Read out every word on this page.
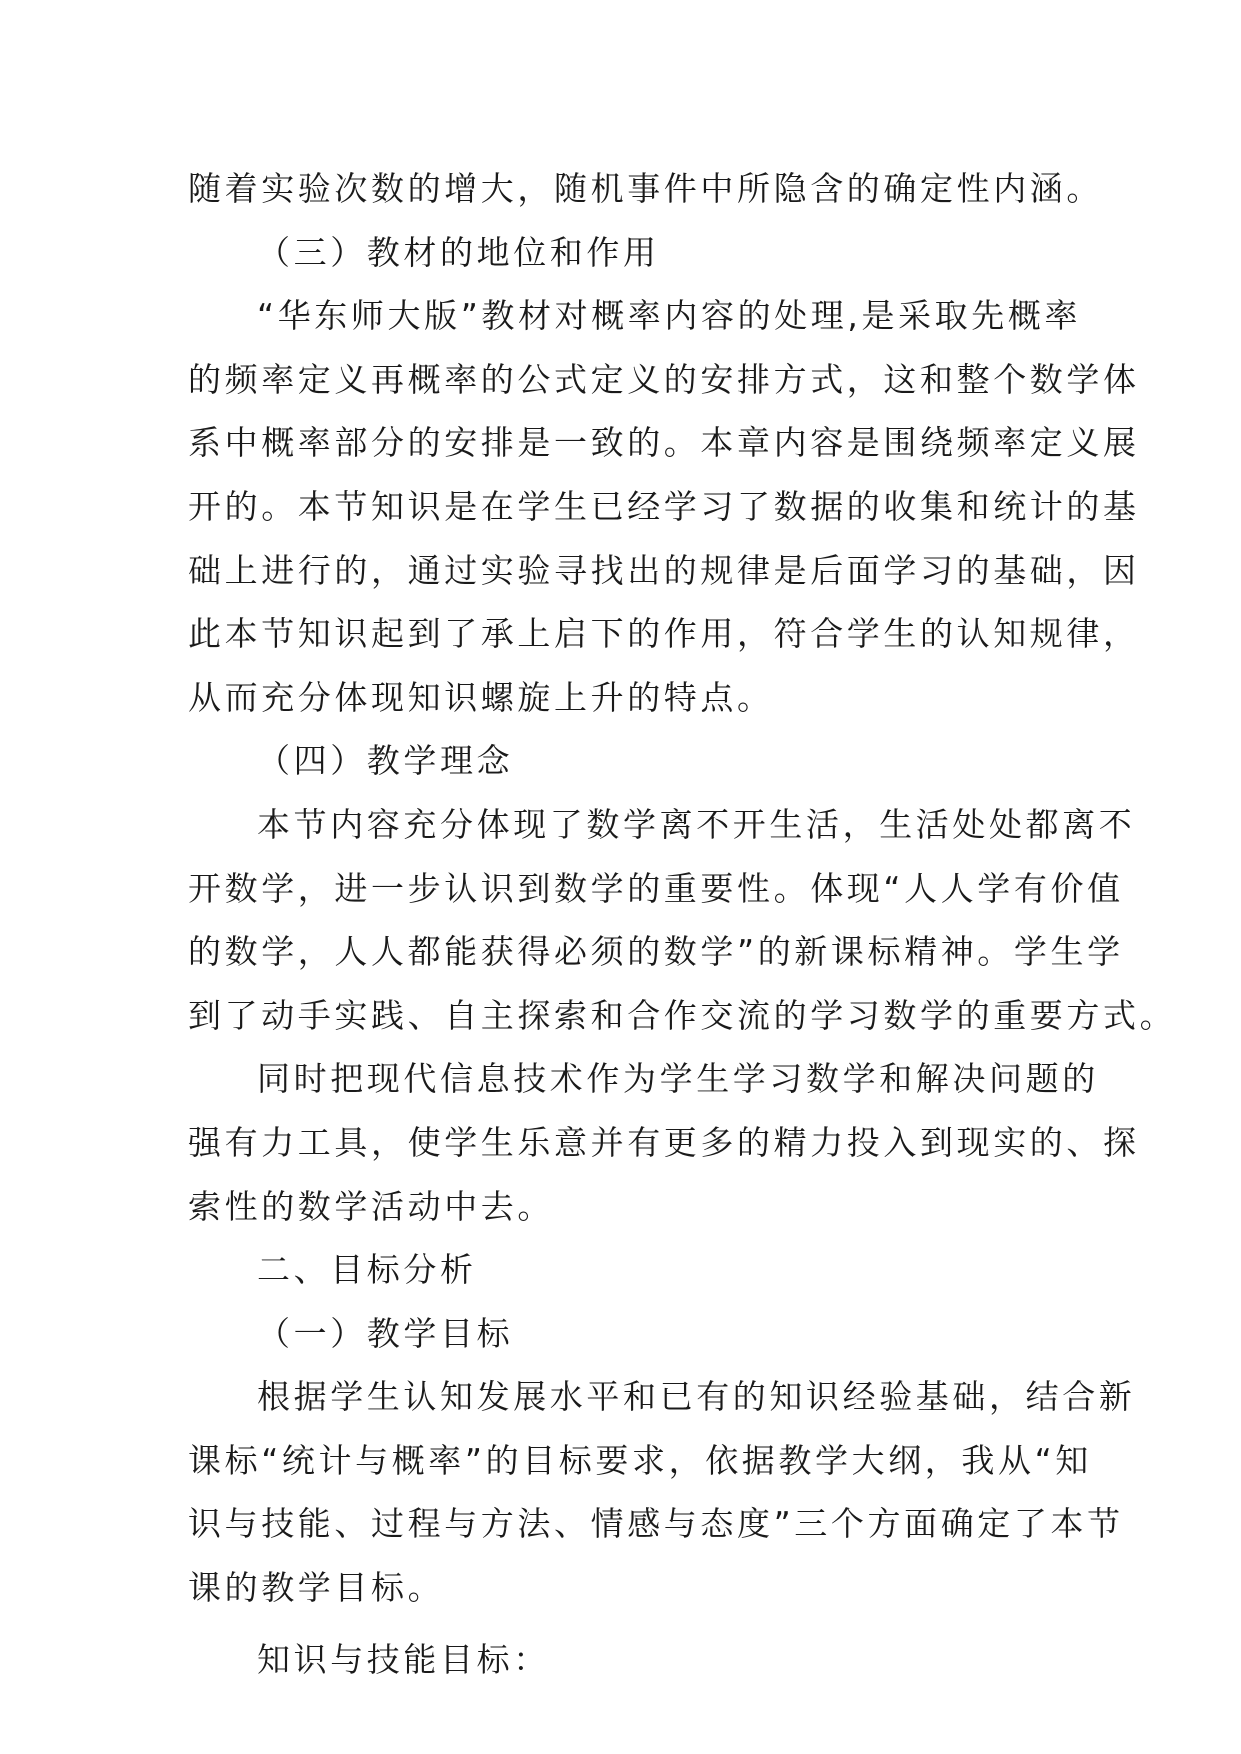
随着实验次数的增大，随机事件中所隐含的确定性内涵。
（三）教材的地位和作用
“华东师大版”教材对概率内容的处理,是采取先概率
的频率定义再概率的公式定义的安排方式，这和整个数学体
系中概率部分的安排是一致的。本章内容是围绕频率定义展
开的。本节知识是在学生已经学习了数据的收集和统计的基
础上进行的，通过实验寻找出的规律是后面学习的基础，因
此本节知识起到了承上启下的作用，符合学生的认知规律，
从而充分体现知识螺旋上升的特点。
（四）教学理念
本节内容充分体现了数学离不开生活，生活处处都离不
开数学，进一步认识到数学的重要性。体现“人人学有价值
的数学，人人都能获得必须的数学”的新课标精神。学生学
到了动手实践、自主探索和合作交流的学习数学的重要方式。
同时把现代信息技术作为学生学习数学和解决问题的
强有力工具，使学生乐意并有更多的精力投入到现实的、探
索性的数学活动中去。
二、目标分析
（一）教学目标
根据学生认知发展水平和已有的知识经验基础，结合新
课标“统计与概率”的目标要求，依据教学大纲，我从“知
识与技能、过程与方法、情感与态度”三个方面确定了本节
课的教学目标。
知识与技能目标：
